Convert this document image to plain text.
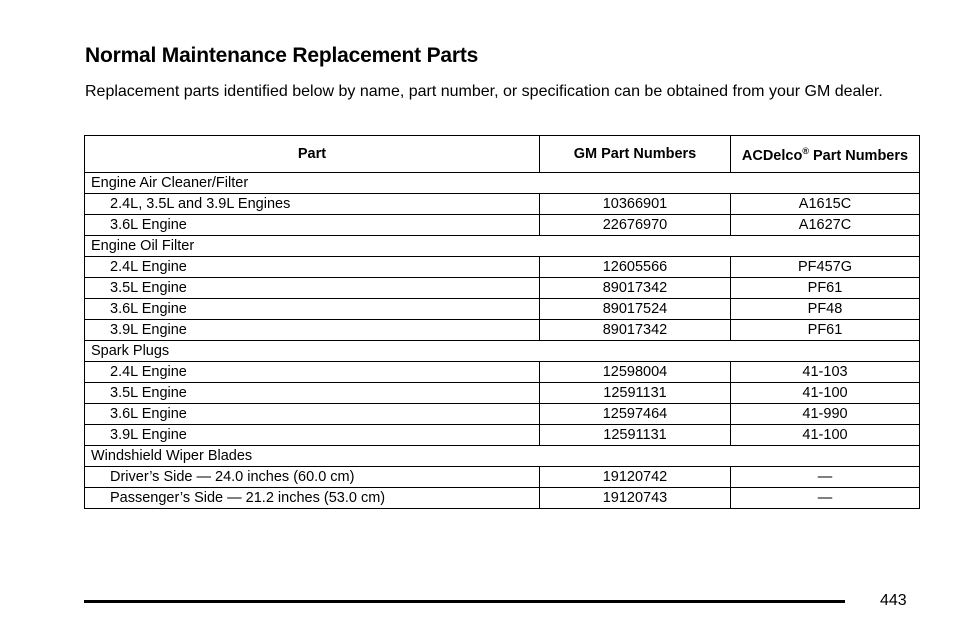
Normal Maintenance Replacement Parts

Replacement parts identified below by name, part number, or specification can be obtained from your GM dealer.

Part	GM Part Numbers	ACDelco® Part Numbers
Engine Air Cleaner/Filter		
2.4L, 3.5L and 3.9L Engines	10366901	A1615C
3.6L Engine	22676970	A1627C
Engine Oil Filter		
2.4L Engine	12605566	PF457G
3.5L Engine	89017342	PF61
3.6L Engine	89017524	PF48
3.9L Engine	89017342	PF61
Spark Plugs		
2.4L Engine	12598004	41-103
3.5L Engine	12591131	41-100
3.6L Engine	12597464	41-990
3.9L Engine	12591131	41-100
Windshield Wiper Blades		
Driver’s Side — 24.0 inches (60.0 cm)	19120742	—
Passenger’s Side — 21.2 inches (53.0 cm)	19120743	—
443
